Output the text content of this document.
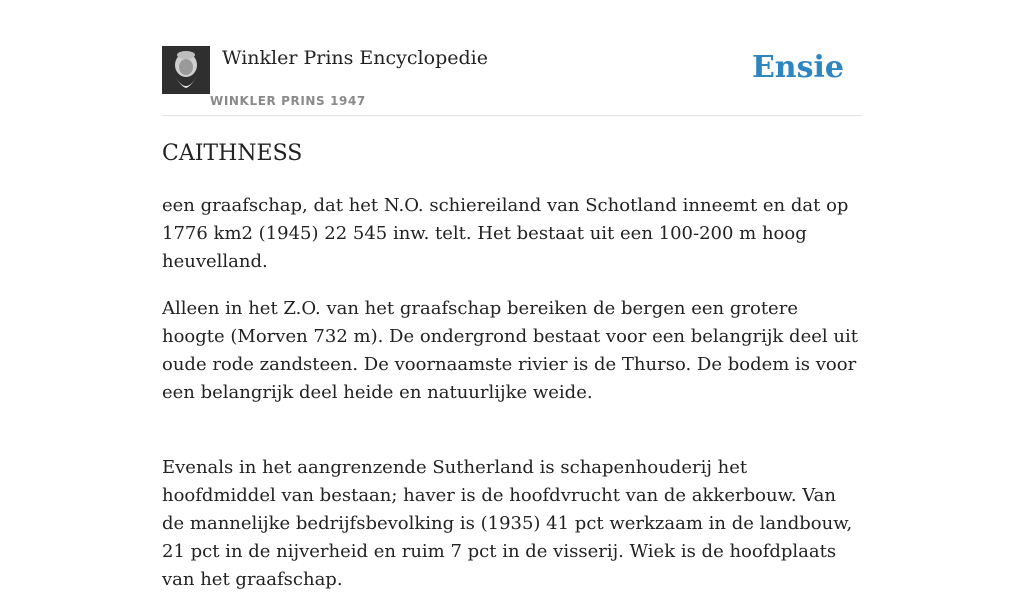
Winkler Prins Encyclopedie
WINKLER PRINS 1947
Ensie
CAITHNESS

een graafschap, dat het N.O. schiereiland van Schotland inneemt en dat op 1776 km2 (1945) 22 545 inw. telt. Het bestaat uit een 100-200 m hoog heuvelland.

Alleen in het Z.O. van het graafschap bereiken de bergen een grotere hoogte (Morven 732 m). De ondergrond bestaat voor een belangrijk deel uit oude rode zandsteen. De voornaamste rivier is de Thurso. De bodem is voor een belangrijk deel heide en natuurlijke weide.

Evenals in het aangrenzende Sutherland is schapenhouderij het hoofdmiddel van bestaan; haver is de hoofdvrucht van de akkerbouw. Van de mannelijke bedrijfsbevolking is (1935) 41 pct werkzaam in de landbouw, 21 pct in de nijverheid en ruim 7 pct in de visserij. Wiek is de hoofdplaats van het graafschap.
